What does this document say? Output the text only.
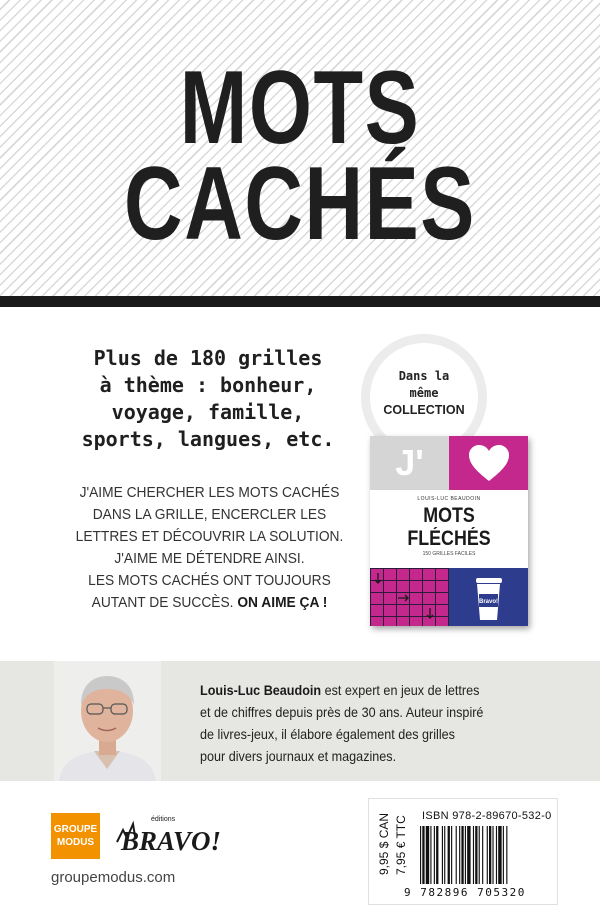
MOTS
CACHÉS
Plus de 180 grilles
à thème : bonheur,
voyage, famille,
sports, langues, etc.
J'AIME CHERCHER LES MOTS CACHÉS
DANS LA GRILLE, ENCERCLER LES
LETTRES ET DÉCOUVRIR LA SOLUTION.
J'AIME ME DÉTENDRE AINSI.
LES MOTS CACHÉS ONT TOUJOURS
AUTANT DE SUCCÈS. ON AIME ÇA !
Dans la
même
COLLECTION
J'
LOUIS-LUC BEAUDOIN
MOTS
FLÉCHÉS
150 GRILLES FACILES
Bravo!
Louis-Luc Beaudoin est expert en jeux de lettres
et de chiffres depuis près de 30 ans. Auteur inspiré
de livres-jeux, il élabore également des grilles
pour divers journaux et magazines.
GROUPE
MODUS
éditions
BRAVO!
groupemodus.com
9,95 $ CAN 7,95 € TTC ISBN 978-2-89670-532-0
9 782896 705320
